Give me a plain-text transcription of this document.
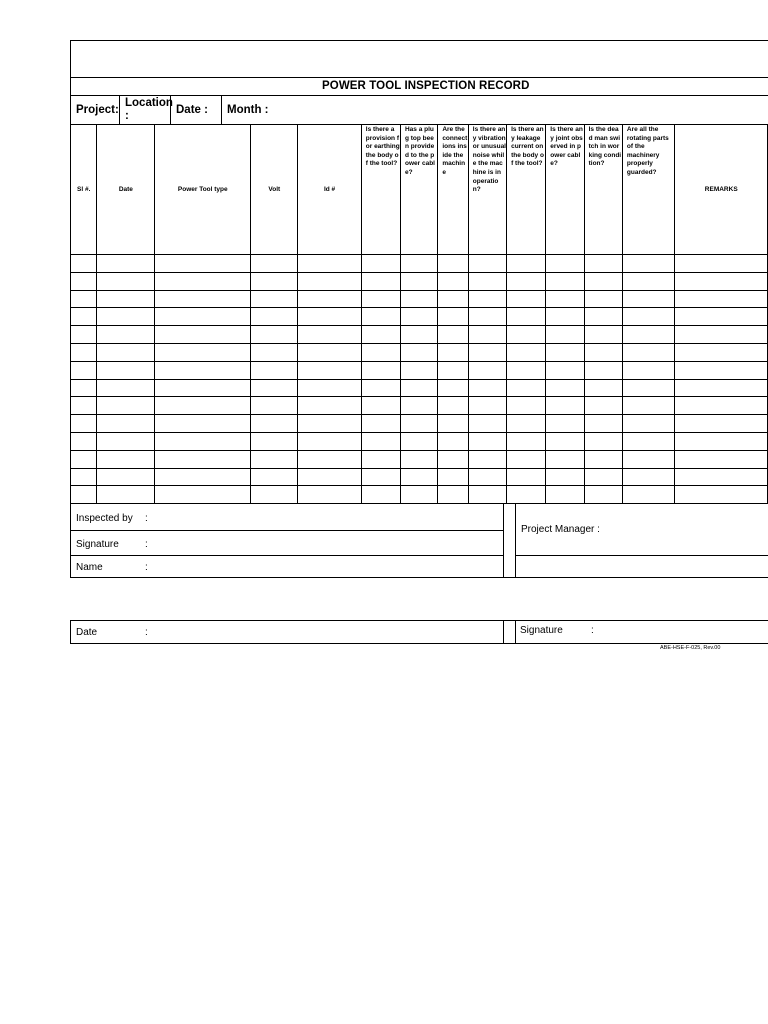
POWER TOOL INSPECTION RECORD
Project:
Location :	Date :	Month :
Sl #.	Date	Power Tool type	Volt	Id #	Is there a provision for earthing the body of the tool?	Has a plug top been provided to the power cable?	Are the connections inside the machine	Is there any vibration or unusual noise while the machine is in operation?	Is there any leakage current on the body of the tool?	Is there any joint observed in power cable?	Is the dead man switch in working condition?	Are all the rotating parts of the machinery properly guarded?	REMARKS

Inspected by :
Signature	:
Name	:
Project Manager :
Date	:	Signature	:
ABE-HSE-F-025, Rev.00
